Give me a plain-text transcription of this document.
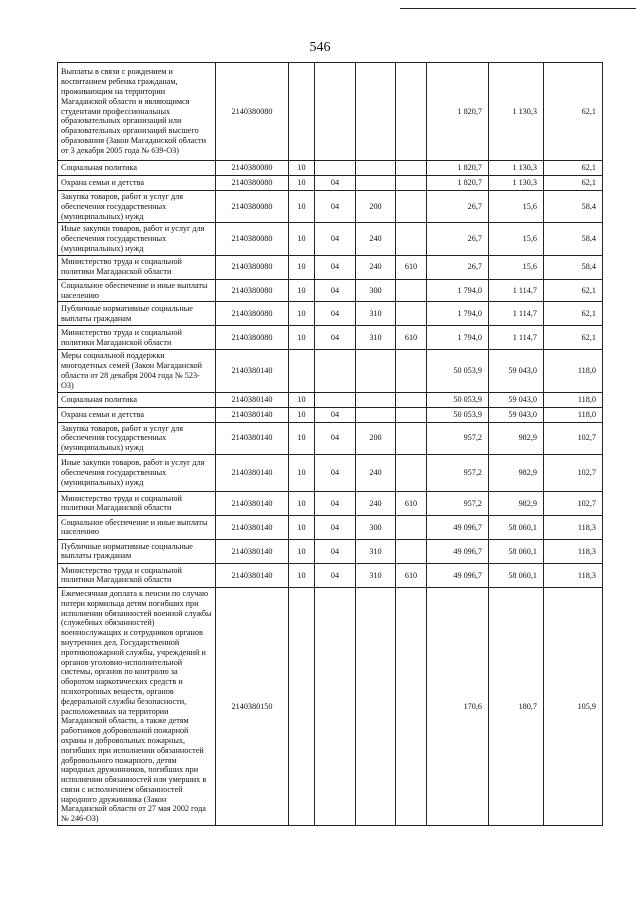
546
Выплаты в связи с рождением и воспитанием ребенка гражданам, проживающим на территории Магаданской области и являющимся студентами профессиональных образовательных организаций или образовательных организаций высшего образования (Закон Магаданской области от 3 декабря 2005 года № 639-ОЗ)	2140380080					1 820,7	1 130,3	62,1
Социальная политика	2140380080	10				1 820,7	1 130,3	62,1
Охрана семьи и детства	2140380080	10	04			1 820,7	1 130,3	62,1
Закупка товаров, работ и услуг для обеспечения государственных (муниципальных) нужд	2140380080	10	04	200		26,7	15,6	58,4
Иные закупки товаров, работ и услуг для обеспечения государственных (муниципальных) нужд	2140380080	10	04	240		26,7	15,6	58,4
Министерство труда и социальной политики Магаданской области	2140380080	10	04	240	610	26,7	15,6	58,4
Социальное обеспечение и иные выплаты населению	2140380080	10	04	300		1 794,0	1 114,7	62,1
Публичные нормативные социальные выплаты гражданам	2140380080	10	04	310		1 794,0	1 114,7	62,1
Министерство труда и социальной политики Магаданской области	2140380080	10	04	310	610	1 794,0	1 114,7	62,1
Меры социальной поддержки многодетных семей (Закон Магаданской области от 28 декабря 2004 года № 523-ОЗ)	2140380140					50 053,9	59 043,0	118,0
Социальная политика	2140380140	10				50 053,9	59 043,0	118,0
Охрана семьи и детства	2140380140	10	04			50 053,9	59 043,0	118,0
Закупка товаров, работ и услуг для обеспечения государственных (муниципальных) нужд	2140380140	10	04	200		957,2	982,9	102,7
Иные закупки товаров, работ и услуг для обеспечения государственных (муниципальных) нужд	2140380140	10	04	240		957,2	982,9	102,7
Министерство труда и социальной политики Магаданской области	2140380140	10	04	240	610	957,2	982,9	102,7
Социальное обеспечение и иные выплаты населению	2140380140	10	04	300		49 096,7	58 060,1	118,3
Публичные нормативные социальные выплаты гражданам	2140380140	10	04	310		49 096,7	58 060,1	118,3
Министерство труда и социальной политики Магаданской области	2140380140	10	04	310	610	49 096,7	58 060,1	118,3
Ежемесячная доплата к пенсии по случаю потери кормильца детям погибших при исполнении обязанностей военной службы (служебных обязанностей) военнослужащих и сотрудников органов внутренних дел, Государственной противопожарной службы, учреждений и органов уголовно-исполнительной системы, органов по контролю за оборотом наркотических средств и психотропных веществ, органов федеральной службы безопасности, расположенных на территории Магаданской области, а также детям работников добровольной пожарной охраны и добровольных пожарных, погибших при исполнении обязанностей добровольного пожарного, детям народных дружинников, погибших при исполнении обязанностей или умерших в связи с исполнением обязанностей народного дружинника (Закон Магаданской области от 27 мая 2002 года № 246-ОЗ)	2140380150					170,6	180,7	105,9
